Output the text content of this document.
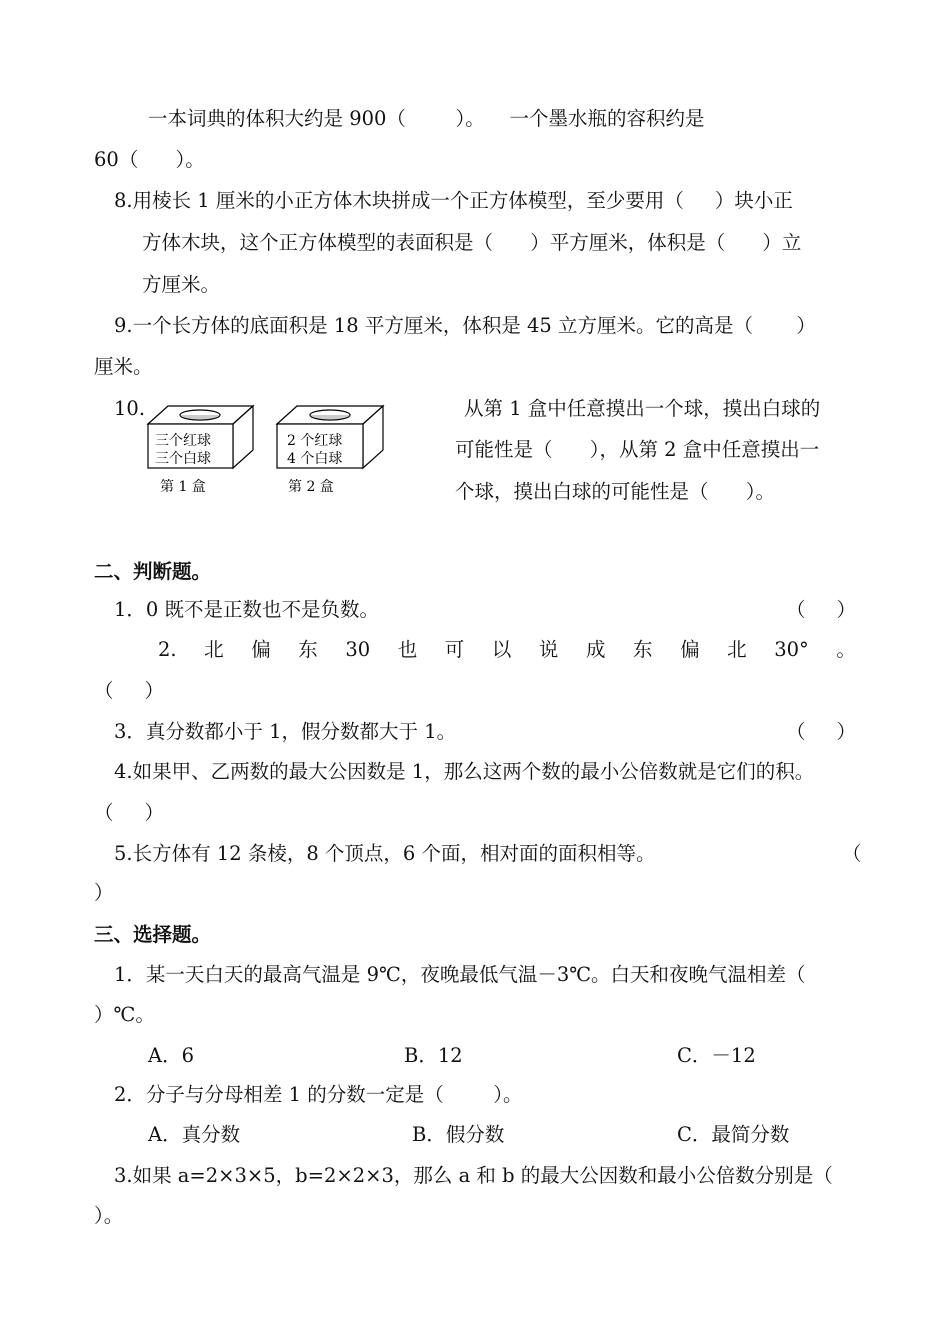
一本词典的体积大约是 900（        ）。    一个墨水瓶的容积约是
60（      ）。
8.用棱长 1 厘米的小正方体木块拼成一个正方体模型，至少要用（     ）块小正
方体木块，这个正方体模型的表面积是（      ）平方厘米，体积是（      ）立
方厘米。
9.一个长方体的底面积是 18 平方厘米，体积是 45 立方厘米。它的高是（       ）
厘米。
10.
三个红球
三个白球
第 1 盒
2 个红球
4 个白球
第 2 盒
从第 1 盒中任意摸出一个球，摸出白球的
可能性是（      ），从第 2 盒中任意摸出一
个球，摸出白球的可能性是（      ）。
二、判断题。
1．0 既不是正数也不是负数。	（     ）
2. 北 偏 东 30 也 可 以 说 成 东 偏 北 30° 。
（     ）
3．真分数都小于 1，假分数都大于 1。	（     ）
4.如果甲、乙两数的最大公因数是 1，那么这两个数的最小公倍数就是它们的积。
（     ）
5.长方体有 12 条棱，8 个顶点，6 个面，相对面的面积相等。	（
）
三、选择题。
1．某一天白天的最高气温是 9℃，夜晚最低气温－3℃。白天和夜晚气温相差（
）℃。
A．6	B．12	C．－12
2．分子与分母相差 1 的分数一定是（        ）。
A．真分数	B．假分数	C．最简分数
3.如果 a=2×3×5，b=2×2×3，那么 a 和 b 的最大公因数和最小公倍数分别是（
）。
